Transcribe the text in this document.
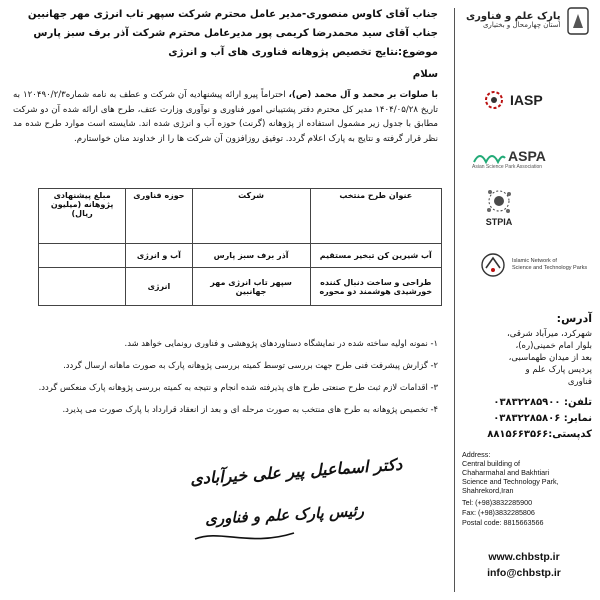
جناب آقای کاوس منصوری-مدیر عامل محترم شرکت سپهر تاب انرژی مهر جهانبین
جناب آقای سید محمدرضا کریمی پور مدیرعامل محترم شرکت آذر برف سبز پارس
موضوع:نتایج تخصیص پژوهانه فناوری های آب و انرژی
سلام
با صلوات بر محمد و آل محمد (ص)، احتراماً پیرو ارائه پیشنهادیه آن شرکت و عطف به نامه شماره۱۲۰۴۹۰/۲/۳ به تاریخ ۱۴۰۴/۰۵/۲۸ مدیر کل محترم دفتر پشتیبانی امور فناوری و نوآوری وزارت عتف، طرح های ارائه شده آن دو شرکت مطابق با جدول زیر مشمول استفاده از پژوهانه (گرنت) حوزه آب و انرژی شده اند. شایسته است موارد طرح شده مد نظر قرار گرفته و نتایج به پارک اعلام گردد. توفیق روزافزون آن شرکت ها را از خداوند منان خواستارم.
عنوان طرح منتخب	شرکت	حوزه فناوری	مبلغ پیشنهادی پژوهانه (میلیون ریال)
آب شیرین کن تبخیر مستقیم	آذر برف سبز پارس	آب و انرژی	
طراحی و ساخت دنبال کننده خورشیدی هوشمند دو محوره	سپهر تاب انرژی مهر جهانبین	انرژی	
۱- نمونه اولیه ساخته شده در نمایشگاه دستاوردهای پژوهشی و فناوری رونمایی خواهد شد.
۲- گزارش پیشرفت فنی طرح جهت بررسی توسط کمیته بررسی پژوهانه پارک به صورت ماهانه ارسال گردد.
۳- اقدامات لازم ثبت طرح صنعتی طرح های پذیرفته شده انجام و نتیجه به کمیته بررسی پژوهانه پارک منعکس گردد.
۴- تخصیص پژوهانه به طرح های منتخب به صورت مرحله ای و بعد از انعقاد قرارداد با پارک صورت می پذیرد.
دکتر اسماعیل پیر علی خیرآبادی
رئیس پارک علم و فناوری
پارک علم و فناوری
استان چهارمحال و بختیاری
IASP
ASPA
Asian Science Park Association
STPIA
Islamic Network of
Science and Technology Parks
آدرس:
شهرکرد، میرآباد شرقی،
بلوار امام خمینی(ره)،
بعد از میدان طهماسبی،
پردیس پارک علم و
فناوری
تلفن: ۰۳۸۳۲۲۸۵۹۰۰
نمابر: ۰۳۸۳۲۲۸۵۸۰۶
کدپستی:۸۸۱۵۶۶۳۵۶۶
Address:
Central building of
Chaharmahal and Bakhtiari
Science and Technology Park,
Shahrekord,Iran
Tel: (+98)3832285900
Fax: (+98)3832285806
Postal code: 8815663566
www.chbstp.ir
info@chbstp.ir
